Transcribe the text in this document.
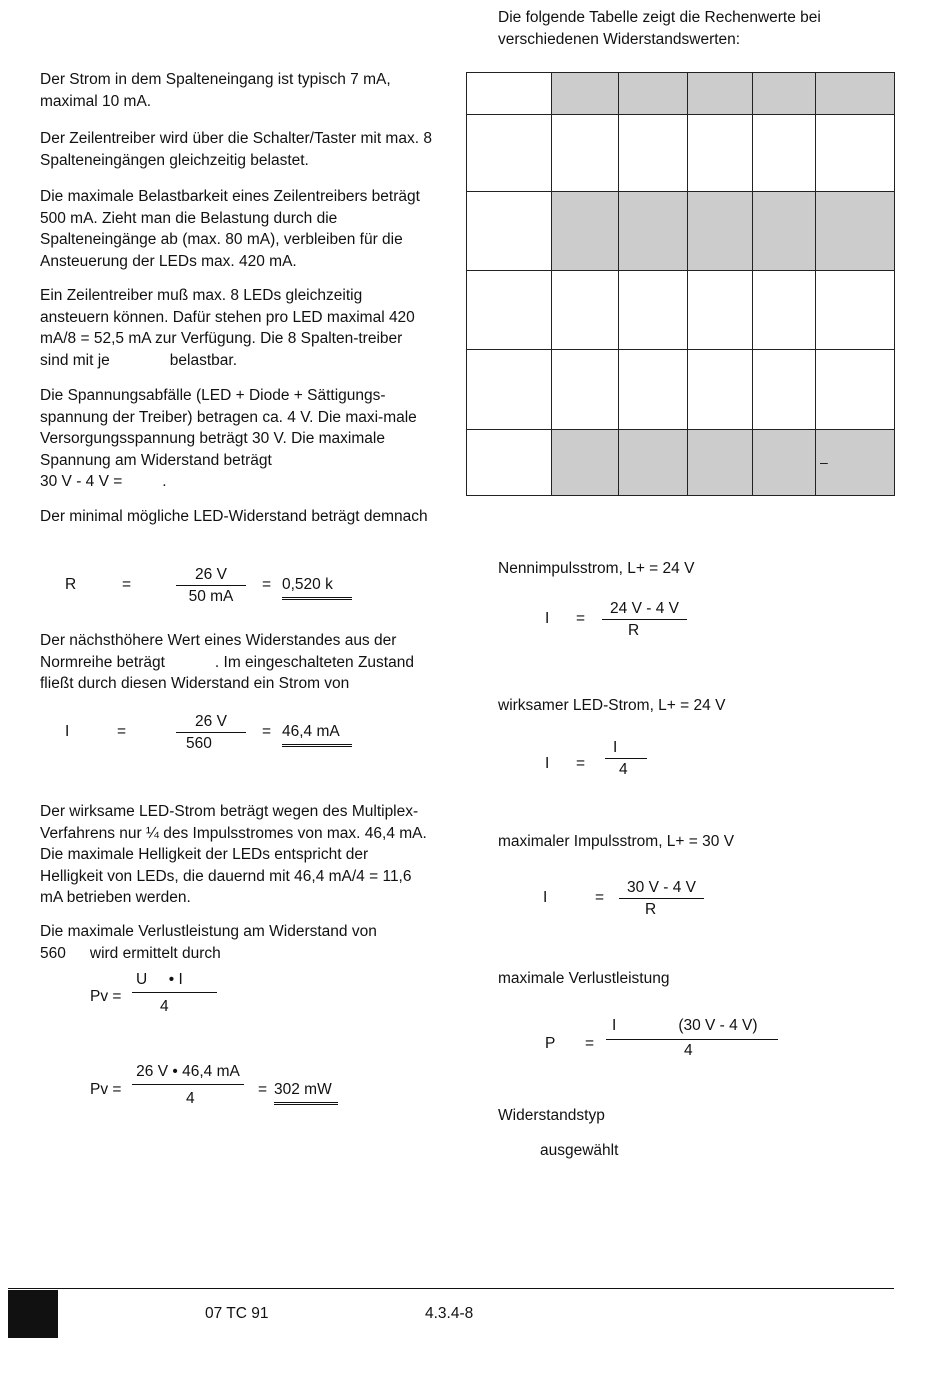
Die folgende Tabelle zeigt die Rechenwerte bei verschiedenen Widerstandswerten:
Der Strom in dem Spalteneingang ist typisch 7 mA, maximal 10 mA.
Der Zeilentreiber wird über die Schalter/Taster mit max. 8 Spalteneingängen gleichzeitig belastet.
Die maximale Belastbarkeit eines Zeilentreibers beträgt 500 mA. Zieht man die Belastung durch die Spalteneingänge ab (max. 80 mA), verbleiben für die Ansteuerung der LEDs max. 420 mA.
Ein Zeilentreiber muß max. 8 LEDs gleichzeitig ansteuern können. Dafür stehen pro LED maximal 420 mA/8 = 52,5 mA zur Verfügung. Die 8 Spalten-treiber sind mit je	belastbar.
Die Spannungsabfälle (LED + Diode + Sättigungs-spannung der Treiber) betragen ca. 4 V. Die maxi-male Versorgungsspannung beträgt 30 V. Die maximale Spannung am Widerstand beträgt
30 V - 4 V =	.
Der minimal mögliche LED-Widerstand beträgt demnach
R	=
26 V
50 mA
= 0,520 k
Der nächsthöhere Wert eines Widerstandes aus der Normreihe beträgt	. Im eingeschalteten Zustand fließt durch diesen Widerstand ein Strom von
I	=
26 V
560
= 46,4 mA
Der wirksame LED-Strom beträgt wegen des Multiplex-Verfahrens nur ¼ des Impulsstromes von max. 46,4 mA. Die maximale Helligkeit der LEDs entspricht der Helligkeit von LEDs, die dauernd mit 46,4 mA/4 = 11,6 mA betrieben werden.
Die maximale Verlustleistung am Widerstand von
560 wird ermittelt durch
Pv =
U     • I
4
Pv =
26 V • 46,4 mA
4
= 302 mW

					–
Nennimpulsstrom, L+ = 24 V
I =
24 V - 4 V
R
wirksamer LED-Strom, L+ = 24 V
I =
I
4
maximaler Impulsstrom, L+ = 30 V
I	=
30 V - 4 V
R
maximale Verlustleistung
P =
I	(30 V - 4 V)
4
Widerstandstyp
ausgewählt
07 TC 91	4.3.4-8
